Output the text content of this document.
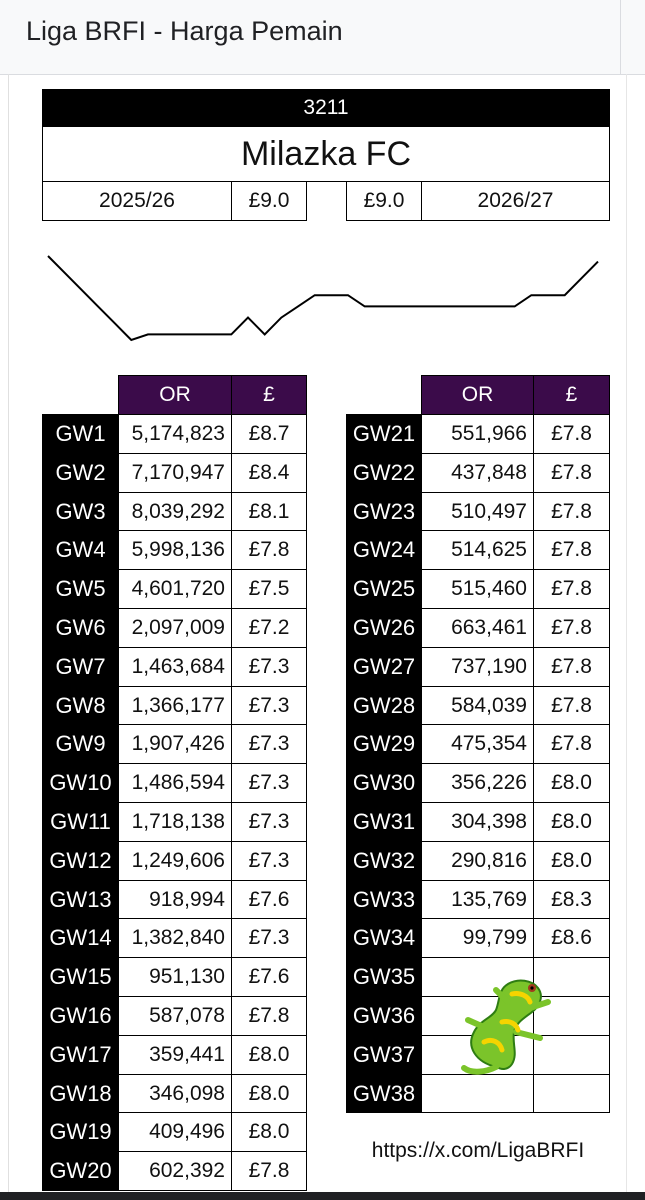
Liga BRFI - Harga Pemain
3211
Milazka FC
2025/26	£9.0	£9.0	2026/27
OR	£	OR	£
GW1 5,174,823 £8.7
GW2 7,170,947 £8.4
GW3 8,039,292 £8.1
GW4 5,998,136 £7.8
GW5 4,601,720 £7.5
GW6 2,097,009 £7.2
GW7 1,463,684 £7.3
GW8 1,366,177 £7.3
GW9 1,907,426 £7.3
GW10 1,486,594 £7.3
GW11 1,718,138 £7.3
GW12 1,249,606 £7.3
GW13 918,994 £7.6
GW14 1,382,840 £7.3
GW15 951,130 £7.6
GW16 587,078 £7.8
GW17 359,441 £8.0
GW18 346,098 £8.0
GW19 409,496 £8.0
GW20 602,392 £7.8
GW21 551,966 £7.8
GW22 437,848 £7.8
GW23 510,497 £7.8
GW24 514,625 £7.8
GW25 515,460 £7.8
GW26 663,461 £7.8
GW27 737,190 £7.8
GW28 584,039 £7.8
GW29 475,354 £7.8
GW30 356,226 £8.0
GW31 304,398 £8.0
GW32 290,816 £8.0
GW33 135,769 £8.3
GW34 99,799 £8.6
GW35
GW36
GW37
GW38
https://x.com/LigaBRFI
